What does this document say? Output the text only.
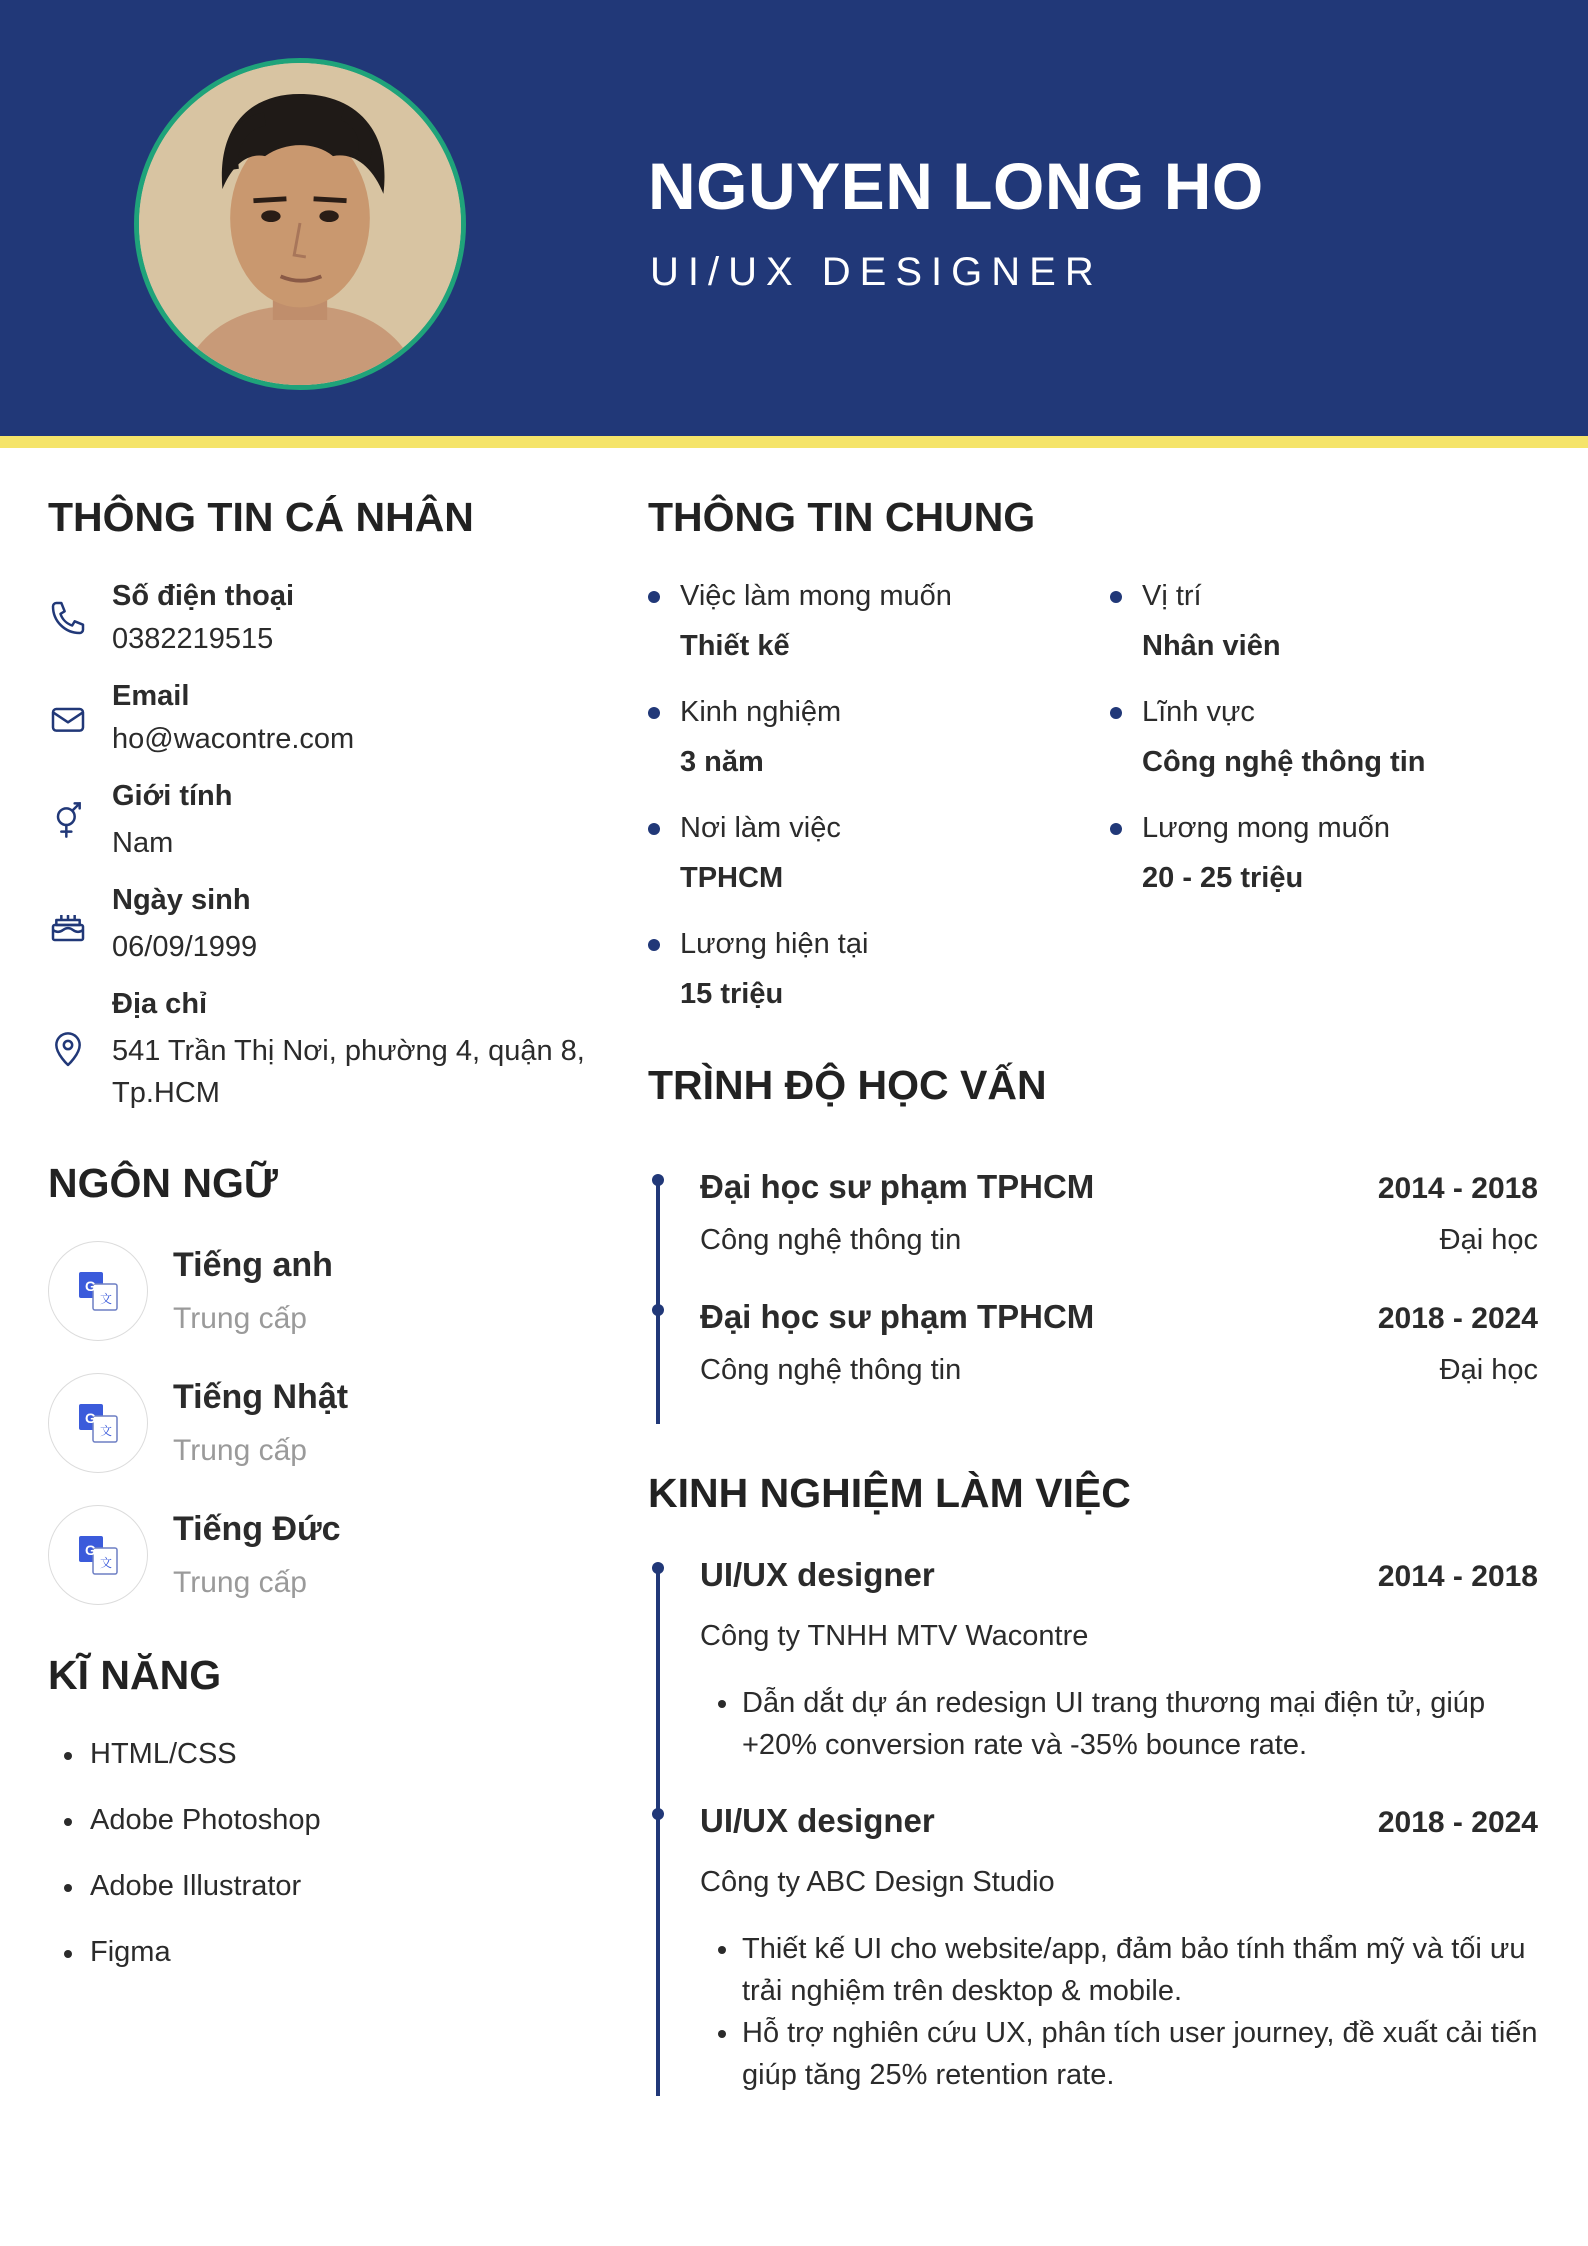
NGUYEN LONG HO
UI/UX DESIGNER
THÔNG TIN CÁ NHÂN
Số điện thoại
0382219515
Email
ho@wacontre.com
Giới tính
Nam
Ngày sinh
06/09/1999
Địa chỉ
541 Trần Thị Nơi, phường 4, quận 8, Tp.HCM
NGÔN NGỮ
G
文
Tiếng anh
Trung cấp
G
文
Tiếng Nhật
Trung cấp
G
文
Tiếng Đức
Trung cấp
KĨ NĂNG
HTML/CSS
Adobe Photoshop
Adobe Illustrator
Figma
THÔNG TIN CHUNG
Việc làm mong muốn
Thiết kế
Vị trí
Nhân viên
Kinh nghiệm
3 năm
Lĩnh vực
Công nghệ thông tin
Nơi làm việc
TPHCM
Lương mong muốn
20 - 25 triệu
Lương hiện tại
15 triệu
TRÌNH ĐỘ HỌC VẤN
Đại học sư phạm TPHCM	2014 - 2018
Công nghệ thông tin	Đại học
Đại học sư phạm TPHCM	2018 - 2024
Công nghệ thông tin	Đại học
KINH NGHIỆM LÀM VIỆC
UI/UX designer	2014 - 2018
Công ty TNHH MTV Wacontre
Dẫn dắt dự án redesign UI trang thương mại điện tử, giúp +20% conversion rate và -35% bounce rate.
UI/UX designer	2018 - 2024
Công ty ABC Design Studio
Thiết kế UI cho website/app, đảm bảo tính thẩm mỹ và tối ưu trải nghiệm trên desktop & mobile.
Hỗ trợ nghiên cứu UX, phân tích user journey, đề xuất cải tiến giúp tăng 25% retention rate.
